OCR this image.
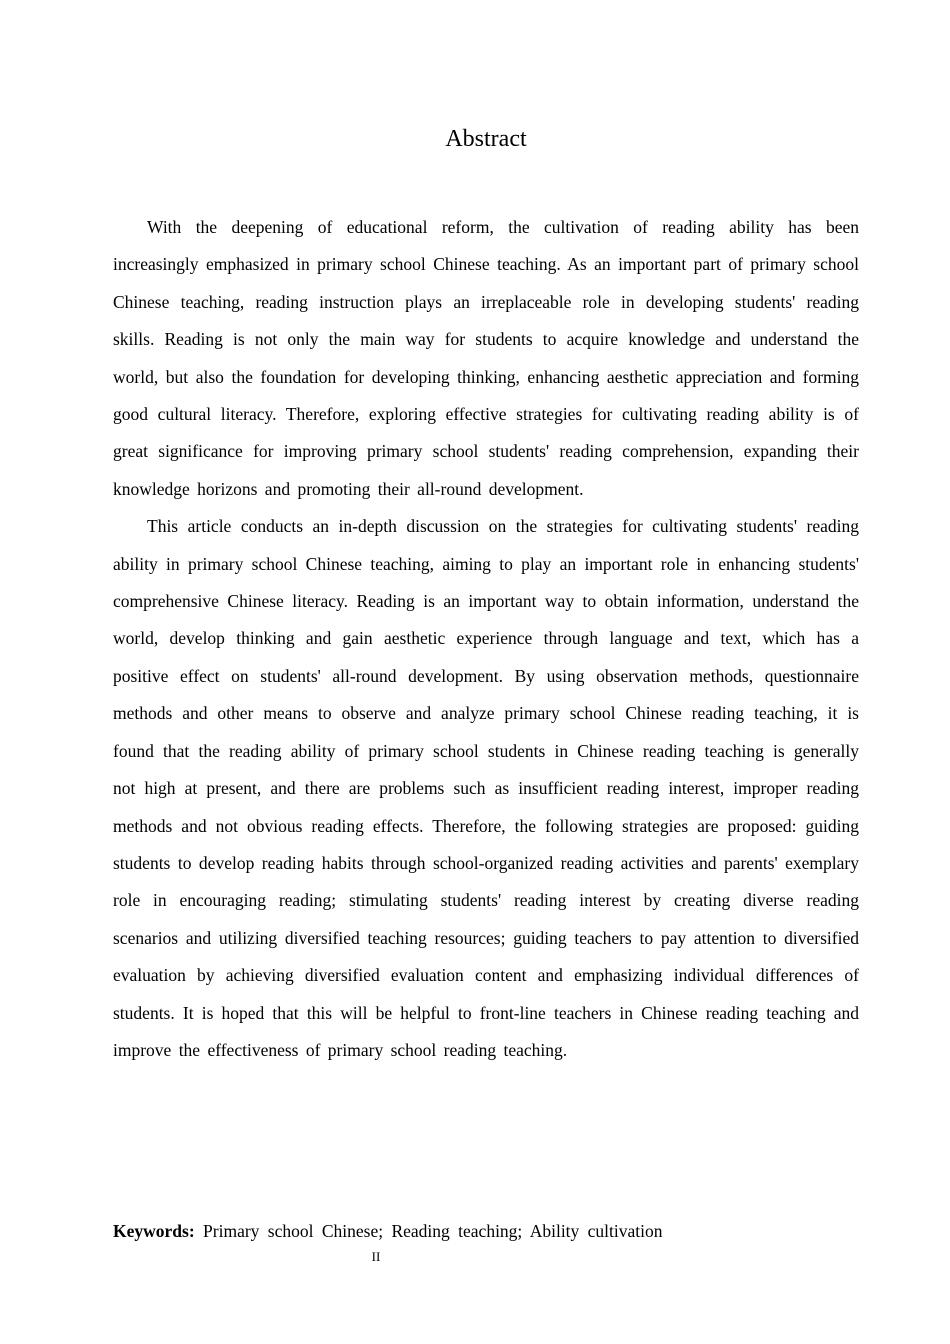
Abstract

With the deepening of educational reform, the cultivation of reading ability has been increasingly emphasized in primary school Chinese teaching. As an important part of primary school Chinese teaching, reading instruction plays an irreplaceable role in developing students' reading skills. Reading is not only the main way for students to acquire knowledge and understand the world, but also the foundation for developing thinking, enhancing aesthetic appreciation and forming good cultural literacy. Therefore, exploring effective strategies for cultivating reading ability is of great significance for improving primary school students' reading comprehension, expanding their knowledge horizons and promoting their all-round development.

This article conducts an in-depth discussion on the strategies for cultivating students' reading ability in primary school Chinese teaching, aiming to play an important role in enhancing students' comprehensive Chinese literacy. Reading is an important way to obtain information, understand the world, develop thinking and gain aesthetic experience through language and text, which has a positive effect on students' all-round development. By using observation methods, questionnaire methods and other means to observe and analyze primary school Chinese reading teaching, it is found that the reading ability of primary school students in Chinese reading teaching is generally not high at present, and there are problems such as insufficient reading interest, improper reading methods and not obvious reading effects. Therefore, the following strategies are proposed: guiding students to develop reading habits through school-organized reading activities and parents' exemplary role in encouraging reading; stimulating students' reading interest by creating diverse reading scenarios and utilizing diversified teaching resources; guiding teachers to pay attention to diversified evaluation by achieving diversified evaluation content and emphasizing individual differences of students. It is hoped that this will be helpful to front-line teachers in Chinese reading teaching and improve the effectiveness of primary school reading teaching.

Keywords: Primary school Chinese; Reading teaching; Ability cultivation

II
